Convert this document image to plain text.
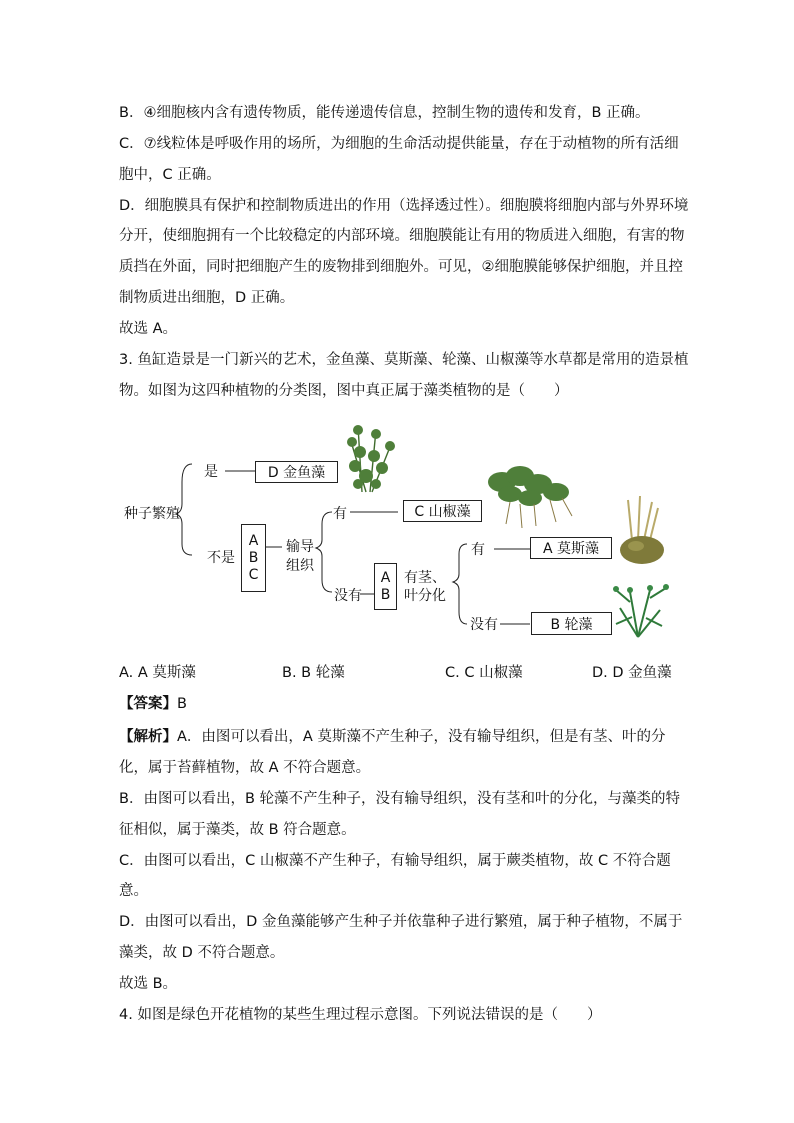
B．④细胞核内含有遗传物质，能传递遗传信息，控制生物的遗传和发育，B 正确。
C．⑦线粒体是呼吸作用的场所，为细胞的生命活动提供能量，存在于动植物的所有活细
胞中，C 正确。
D．细胞膜具有保护和控制物质进出的作用（选择透过性）。细胞膜将细胞内部与外界环境
分开，使细胞拥有一个比较稳定的内部环境。细胞膜能让有用的物质进入细胞，有害的物
质挡在外面，同时把细胞产生的废物排到细胞外。可见，②细胞膜能够保护细胞，并且控
制物质进出细胞，D 正确。
故选 A。
3. 鱼缸造景是一门新兴的艺术，金鱼藻、莫斯藻、轮藻、山椒藻等水草都是常用的造景植
物。如图为这四种植物的分类图，图中真正属于藻类植物的是（　　）
种子繁殖
是
不是
D 金鱼藻
A
B
C
输导
组织
有	C 山椒藻
没有
A
B
有茎、
叶分化
有	A 莫斯藻
没有	B 轮藻
A. A 莫斯藻	B. B 轮藻	C. C 山椒藻	D. D 金鱼藻
【答案】B
【解析】A．由图可以看出，A 莫斯藻不产生种子，没有输导组织，但是有茎、叶的分
化，属于苔藓植物，故 A 不符合题意。
B．由图可以看出，B 轮藻不产生种子，没有输导组织，没有茎和叶的分化，与藻类的特
征相似，属于藻类，故 B 符合题意。
C．由图可以看出，C 山椒藻不产生种子，有输导组织，属于蕨类植物，故 C 不符合题
意。
D．由图可以看出，D 金鱼藻能够产生种子并依靠种子进行繁殖，属于种子植物，不属于
藻类，故 D 不符合题意。
故选 B。
4. 如图是绿色开花植物的某些生理过程示意图。下列说法错误的是（　　）
